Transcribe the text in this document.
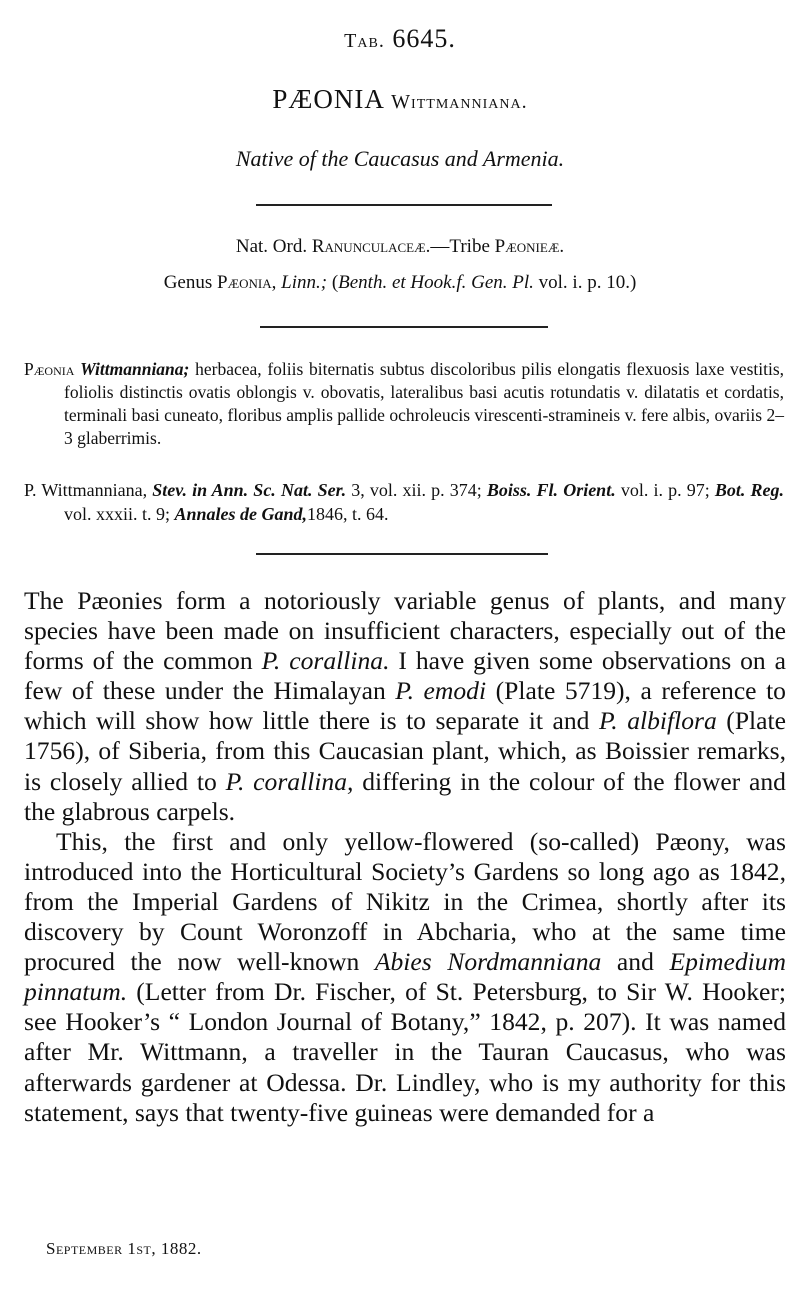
Tab. 6645.
PÆONIA Wittmanniana.
Native of the Caucasus and Armenia.
Nat. Ord. Ranunculaceæ.—Tribe Pæonieæ.
Genus Pæonia, Linn.; (Benth. et Hook.f. Gen. Pl. vol. i. p. 10.)
Pæonia Wittmanniana; herbacea, foliis biternatis subtus discoloribus pilis elongatis flexuosis laxe vestitis, foliolis distinctis ovatis oblongis v. obovatis, lateralibus basi acutis rotundatis v. dilatatis et cordatis, terminali basi cuneato, floribus amplis pallide ochroleucis virescenti-stramineis v. fere albis, ovariis 2–3 glaberrimis.
P. Wittmanniana, Stev. in Ann. Sc. Nat. Ser. 3, vol. xii. p. 374; Boiss. Fl. Orient. vol. i. p. 97; Bot. Reg. vol. xxxii. t. 9; Annales de Gand,1846, t. 64.

The Pæonies form a notoriously variable genus of plants, and many species have been made on insufficient characters, especially out of the forms of the common P. corallina. I have given some observations on a few of these under the Himalayan P. emodi (Plate 5719), a reference to which will show how little there is to separate it and P. albiflora (Plate 1756), of Siberia, from this Caucasian plant, which, as Boissier remarks, is closely allied to P. corallina, differing in the colour of the flower and the glabrous carpels.

This, the first and only yellow-flowered (so-called) Pæony, was introduced into the Horticultural Society’s Gardens so long ago as 1842, from the Imperial Gardens of Nikitz in the Crimea, shortly after its discovery by Count Woronzoff in Abcharia, who at the same time procured the now well-known Abies Nordmanniana and Epimedium pinnatum. (Letter from Dr. Fischer, of St. Petersburg, to Sir W. Hooker; see Hooker’s “ London Journal of Botany,” 1842, p. 207). It was named after Mr. Wittmann, a traveller in the Tauran Caucasus, who was afterwards gardener at Odessa. Dr. Lindley, who is my authority for this statement, says that twenty-five guineas were demanded for a

September 1st, 1882.
